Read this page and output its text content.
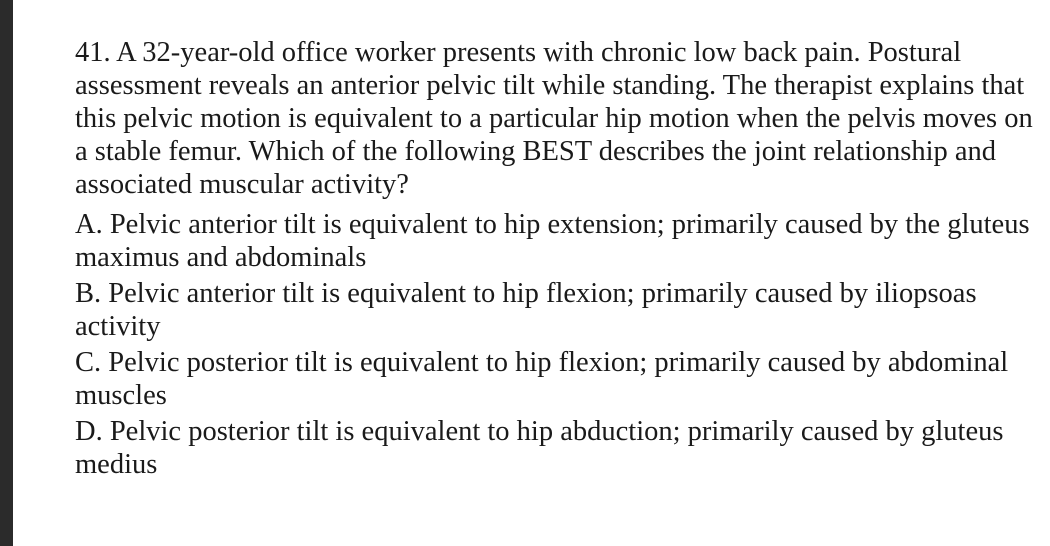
41. A 32-year-old office worker presents with chronic low back pain. Postural assessment reveals an anterior pelvic tilt while standing. The therapist explains that this pelvic motion is equivalent to a particular hip motion when the pelvis moves on a stable femur. Which of the following BEST describes the joint relationship and associated muscular activity?

A. Pelvic anterior tilt is equivalent to hip extension; primarily caused by the gluteus maximus and abdominals

B. Pelvic anterior tilt is equivalent to hip flexion; primarily caused by iliopsoas activity

C. Pelvic posterior tilt is equivalent to hip flexion; primarily caused by abdominal muscles

D. Pelvic posterior tilt is equivalent to hip abduction; primarily caused by gluteus medius
